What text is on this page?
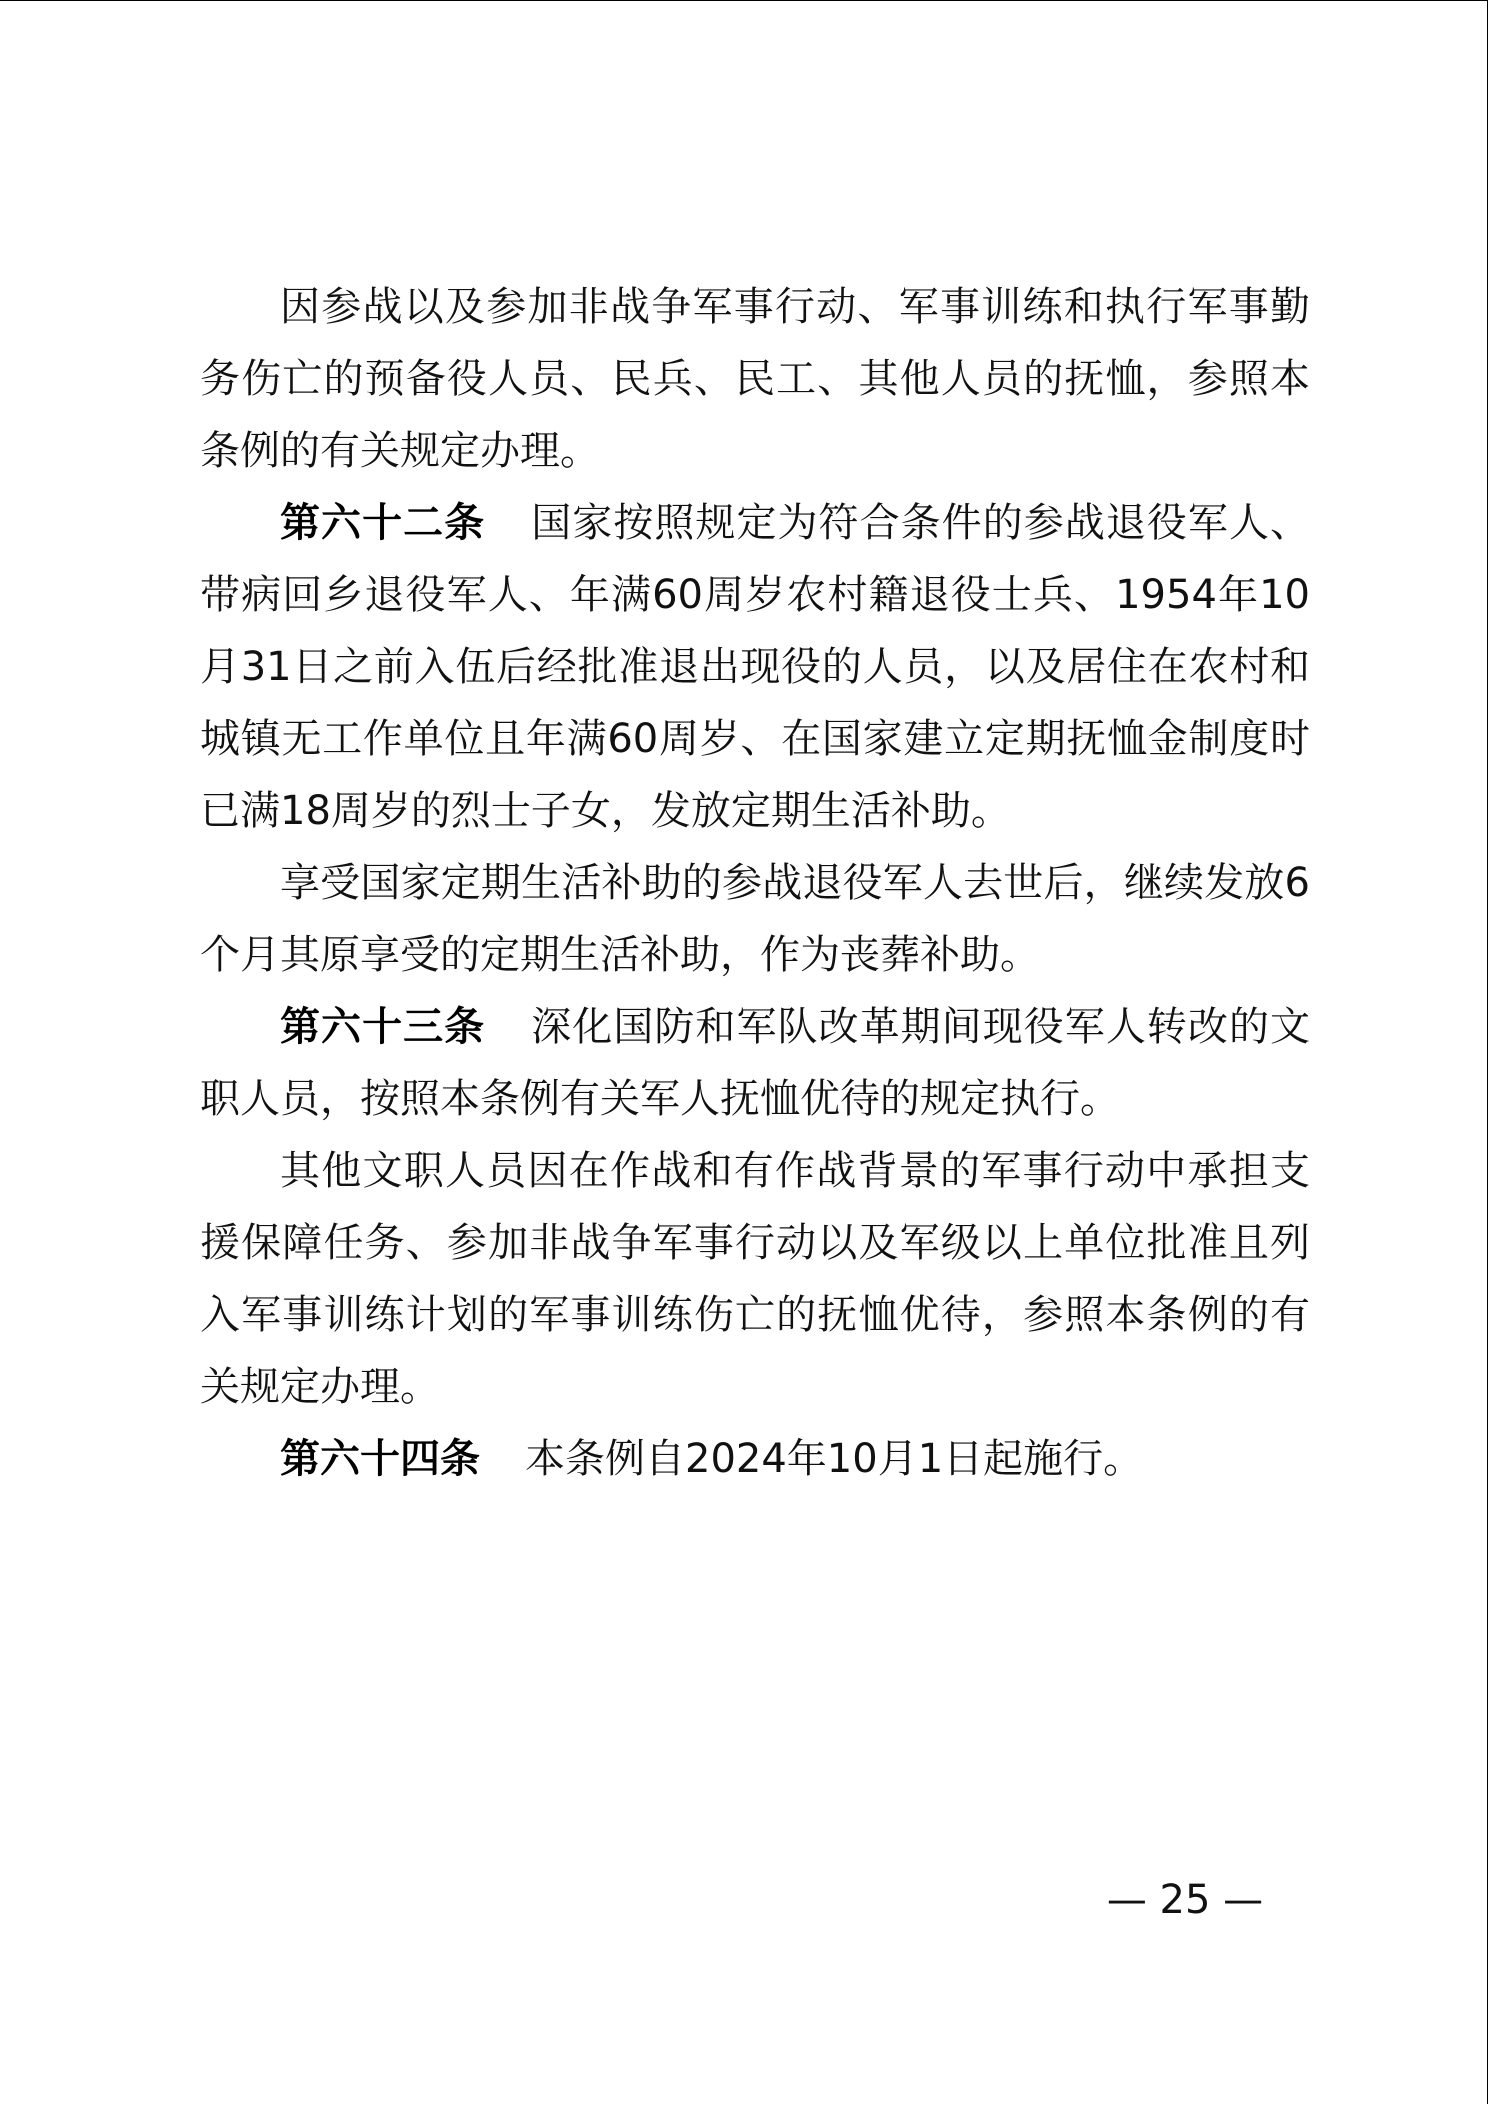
因参战以及参加非战争军事行动、军事训练和执行军事勤务伤亡的预备役人员、民兵、民工、其他人员的抚恤，参照本条例的有关规定办理。

第六十二条 国家按照规定为符合条件的参战退役军人、带病回乡退役军人、年满60周岁农村籍退役士兵、1954年10月31日之前入伍后经批准退出现役的人员，以及居住在农村和城镇无工作单位且年满60周岁、在国家建立定期抚恤金制度时已满18周岁的烈士子女，发放定期生活补助。

享受国家定期生活补助的参战退役军人去世后，继续发放6个月其原享受的定期生活补助，作为丧葬补助。

第六十三条 深化国防和军队改革期间现役军人转改的文职人员，按照本条例有关军人抚恤优待的规定执行。

其他文职人员因在作战和有作战背景的军事行动中承担支援保障任务、参加非战争军事行动以及军级以上单位批准且列入军事训练计划的军事训练伤亡的抚恤优待，参照本条例的有关规定办理。

第六十四条 本条例自2024年10月1日起施行。

— 25 —
